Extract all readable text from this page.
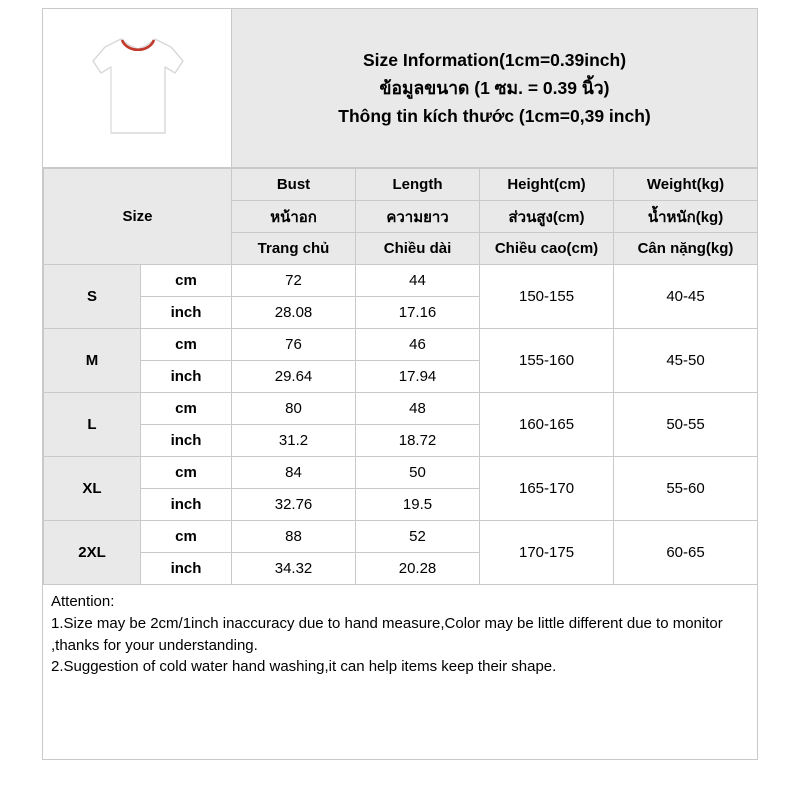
Size Information(1cm=0.39inch)
ข้อมูลขนาด (1 ซม. = 0.39 นิ้ว)
Thông tin kích thước (1cm=0,39 inch)
Size		Bust	Length	Height(cm)	Weight(kg)
		หน้าอก	ความยาว	ส่วนสูง(cm)	น้ำหนัก(kg)
		Trang chủ	Chiều dài	Chiều cao(cm)	Cân nặng(kg)
S	cm	72	44	150-155	40-45
	inch	28.08	17.16		
M	cm	76	46	155-160	45-50
	inch	29.64	17.94		
L	cm	80	48	160-165	50-55
	inch	31.2	18.72		
XL	cm	84	50	165-170	55-60
	inch	32.76	19.5		
2XL	cm	88	52	170-175	60-65
	inch	34.32	20.28		
Attention:
1.Size may be 2cm/1inch inaccuracy due to hand measure,Color may be little different due to monitor ,thanks for your understanding.
2.Suggestion of cold water hand washing,it can help items keep their shape.
